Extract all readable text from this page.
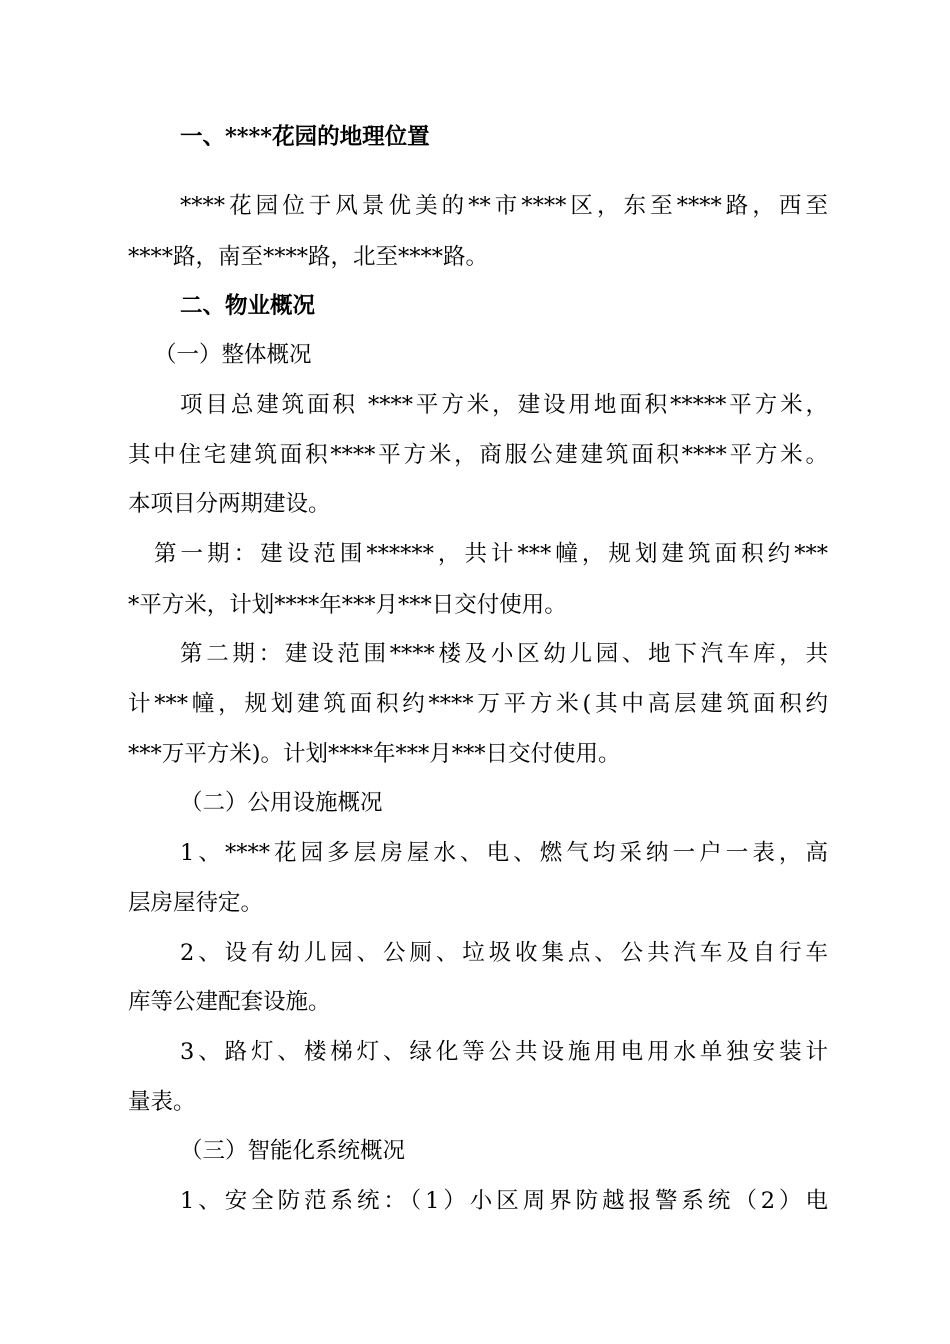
一、****花园的地理位置
****花园位于风景优美的**市****区，东至****路，西至
****路，南至****路，北至****路。
二、物业概况
（一）整体概况
项目总建筑面积 ****平方米，建设用地面积*****平方米，
其中住宅建筑面积****平方米，商服公建建筑面积****平方米。
本项目分两期建设。
第一期：建设范围******，共计***幢，规划建筑面积约***
*平方米，计划****年***月***日交付使用。
第二期：建设范围****楼及小区幼儿园、地下汽车库，共
计***幢，规划建筑面积约****万平方米(其中高层建筑面积约
***万平方米)。计划****年***月***日交付使用。
（二）公用设施概况
1、****花园多层房屋水、电、燃气均采纳一户一表，高
层房屋待定。
2、设有幼儿园、公厕、垃圾收集点、公共汽车及自行车
库等公建配套设施。
3、路灯、楼梯灯、绿化等公共设施用电用水单独安装计
量表。
（三）智能化系统概况
1、安全防范系统：（1）小区周界防越报警系统（2）电
